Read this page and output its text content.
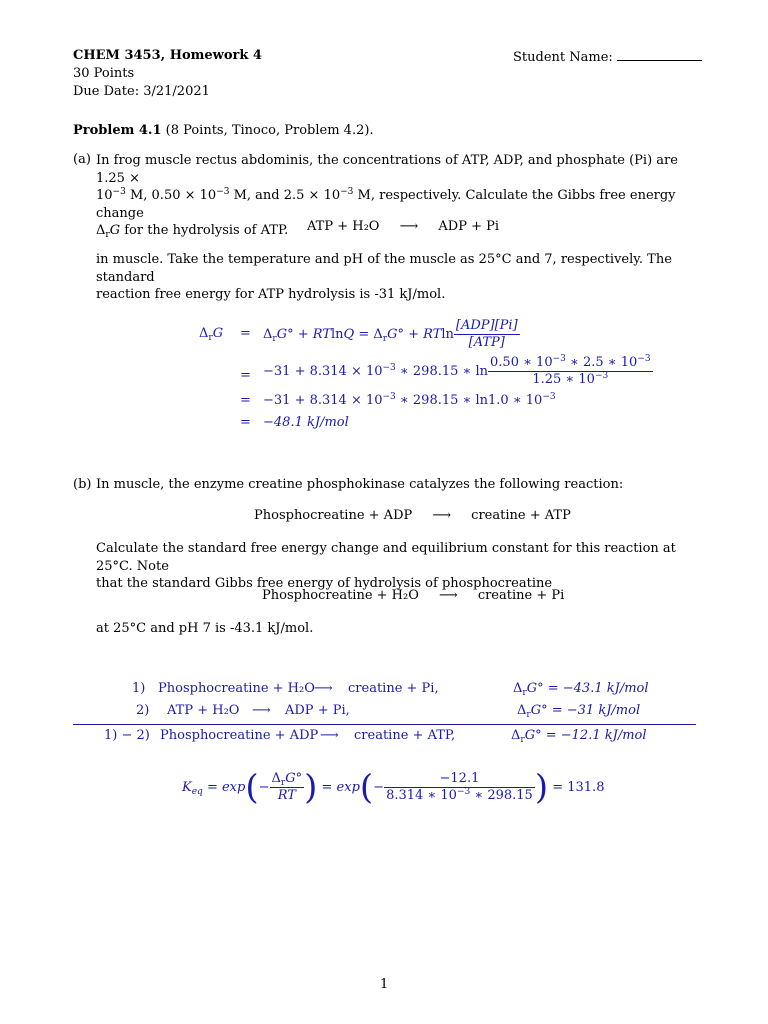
CHEM 3453, Homework 4
30 Points
Due Date: 3/21/2021
Student Name:
Problem 4.1 (8 Points, Tinoco, Problem 4.2).
(a) In frog muscle rectus abdominis, the concentrations of ATP, ADP, and phosphate (Pi) are 1.25 ×
$10^{-3}$ M, $0.50 \times 10^{-3}$ M, and $2.5 \times 10^{-3}$ M, respectively. Calculate the Gibbs free energy change
$\Delta_rG$ for the hydrolysis of ATP.	ATP + H₂O ⟶ ADP + Pi
in muscle. Take the temperature and pH of the muscle as 25°C and 7, respectively. The standard
reaction free energy for ATP hydrolysis is -31 kJ/mol.
$\Delta_rG = \Delta_rG^\circ + RTlnQ = \Delta_rG^\circ + RTln \frac{\text{[ADP][Pi]}}{\text{[ATP]}}$
= $-31 + 8.314 \times 10^{-3}$ ∗ 298.15 ∗ $\ln \frac{0.50 ∗ 10^{-3} ∗ 2.5 ∗ 10^{-3}}{1.25 ∗ 10^{-3}}$
= $-31 + 8.314 \times 10^{-3}$ ∗ 298.15 ∗ ln1.0 ∗ $10^{-3}$
= −48.1 kJ/mol
(b) In muscle, the enzyme creatine phosphokinase catalyzes the following reaction:
Phosphocreatine + ADP ⟶ creatine + ATP
Calculate the standard free energy change and equilibrium constant for this reaction at 25°C. Note
that the standard Gibbs free energy of hydrolysis of phosphocreatine
Phosphocreatine + H₂O ⟶ creatine + Pi
at 25°C and pH 7 is -43.1 kJ/mol.
1) Phosphocreatine + H₂O ⟶ creatine + Pi,	$\Delta_rG^\circ = -43.1$ kJ/mol
2) ATP + H₂O ⟶ ADP + Pi,	$\Delta_rG^\circ = -31$ kJ/mol
1) − 2) Phosphocreatine + ADP ⟶ creatine + ATP,	$\Delta_rG^\circ = -12.1$ kJ/mol
$K_{eq} = \exp(- \frac{\Delta_rG^\circ}{RT}$ ) = $\exp(- \frac{-12.1}{8.314 ∗ 10^{-3} ∗ 298.15}$ ) = 131.8
1
